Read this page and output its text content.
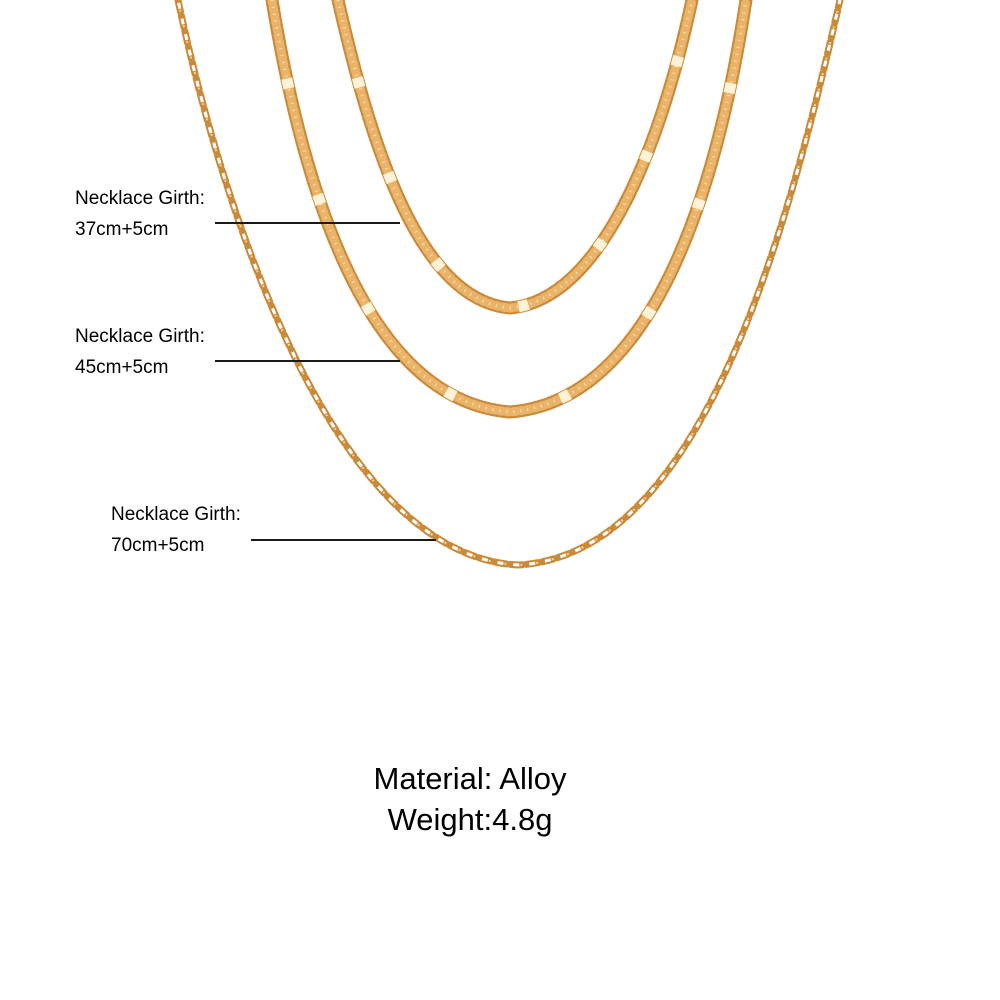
Necklace Girth:
37cm+5cm
Necklace Girth:
45cm+5cm
Necklace Girth:
70cm+5cm
Material: Alloy
Weight:4.8g
